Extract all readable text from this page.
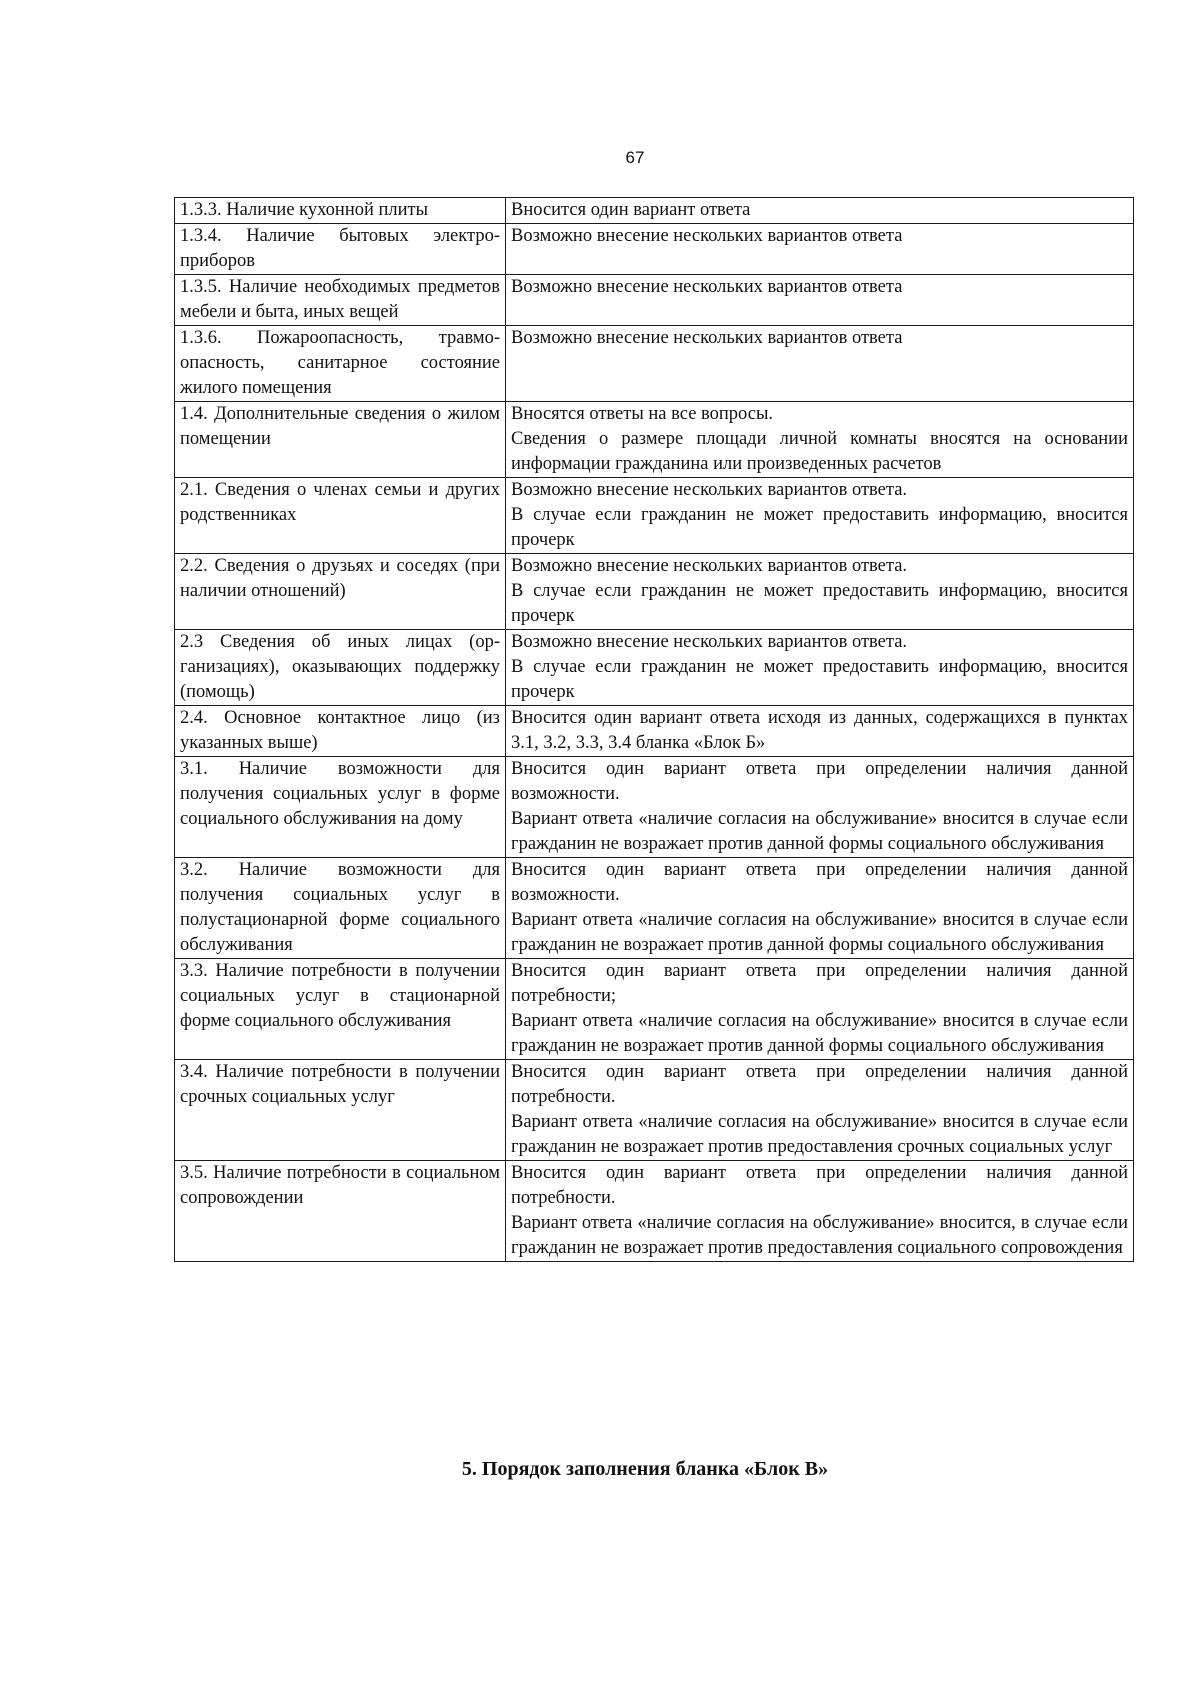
67
1.3.3. Наличие кухонной плиты	Вносится один вариант ответа

1.3.4. Наличие бытовых электроприборов	Возможно внесение нескольких вариантов ответа

1.3.5. Наличие необходимых предметов мебели и быта, иных вещей	Возможно внесение нескольких вариантов ответа

1.3.6. Пожароопасность, травмоопасность, санитарное состояние жилого помещения	Возможно внесение нескольких вариантов ответа

1.4. Дополнительные сведения о жилом помещении	Вносятся ответы на все вопросы.
Сведения о размере площади личной комнаты вносятся на основании информации гражданина или произведенных расчетов

2.1. Сведения о членах семьи и других родственниках	Возможно внесение нескольких вариантов ответа.
В случае если гражданин не может предоставить информацию, вносится прочерк

2.2. Сведения о друзьях и соседях (при наличии отношений)	Возможно внесение нескольких вариантов ответа.
В случае если гражданин не может предоставить информацию, вносится прочерк

2.3 Сведения об иных лицах (организациях), оказывающих поддержку (помощь)	Возможно внесение нескольких вариантов ответа.
В случае если гражданин не может предоставить информацию, вносится прочерк

2.4. Основное контактное лицо (из указанных выше)	Вносится один вариант ответа исходя из данных, содержащихся в пунктах 3.1, 3.2, 3.3, 3.4 бланка «Блок Б»

3.1. Наличие возможности для получения социальных услуг в форме социального обслуживания на дому	Вносится один вариант ответа при определении наличия данной возможности.
Вариант ответа «наличие согласия на обслуживание» вносится в случае если гражданин не возражает против данной формы социального обслуживания

3.2. Наличие возможности для получения социальных услуг в полустационарной форме социального обслуживания	Вносится один вариант ответа при определении наличия данной возможности.
Вариант ответа «наличие согласия на обслуживание» вносится в случае если гражданин не возражает против данной формы социального обслуживания

3.3. Наличие потребности в получении социальных услуг в стационарной форме социального обслуживания	Вносится один вариант ответа при определении наличия данной потребности;
Вариант ответа «наличие согласия на обслуживание» вносится в случае если гражданин не возражает против данной формы социального обслуживания

3.4. Наличие потребности в получении срочных социальных услуг	Вносится один вариант ответа при определении наличия данной потребности.
Вариант ответа «наличие согласия на обслуживание» вносится в случае если гражданин не возражает против предоставления срочных социальных услуг

3.5. Наличие потребности в социальном сопровождении	Вносится один вариант ответа при определении наличия данной потребности.
Вариант ответа «наличие согласия на обслуживание» вносится, в случае если гражданин не возражает против предоставления социального сопровождения
5. Порядок заполнения бланка «Блок В»
